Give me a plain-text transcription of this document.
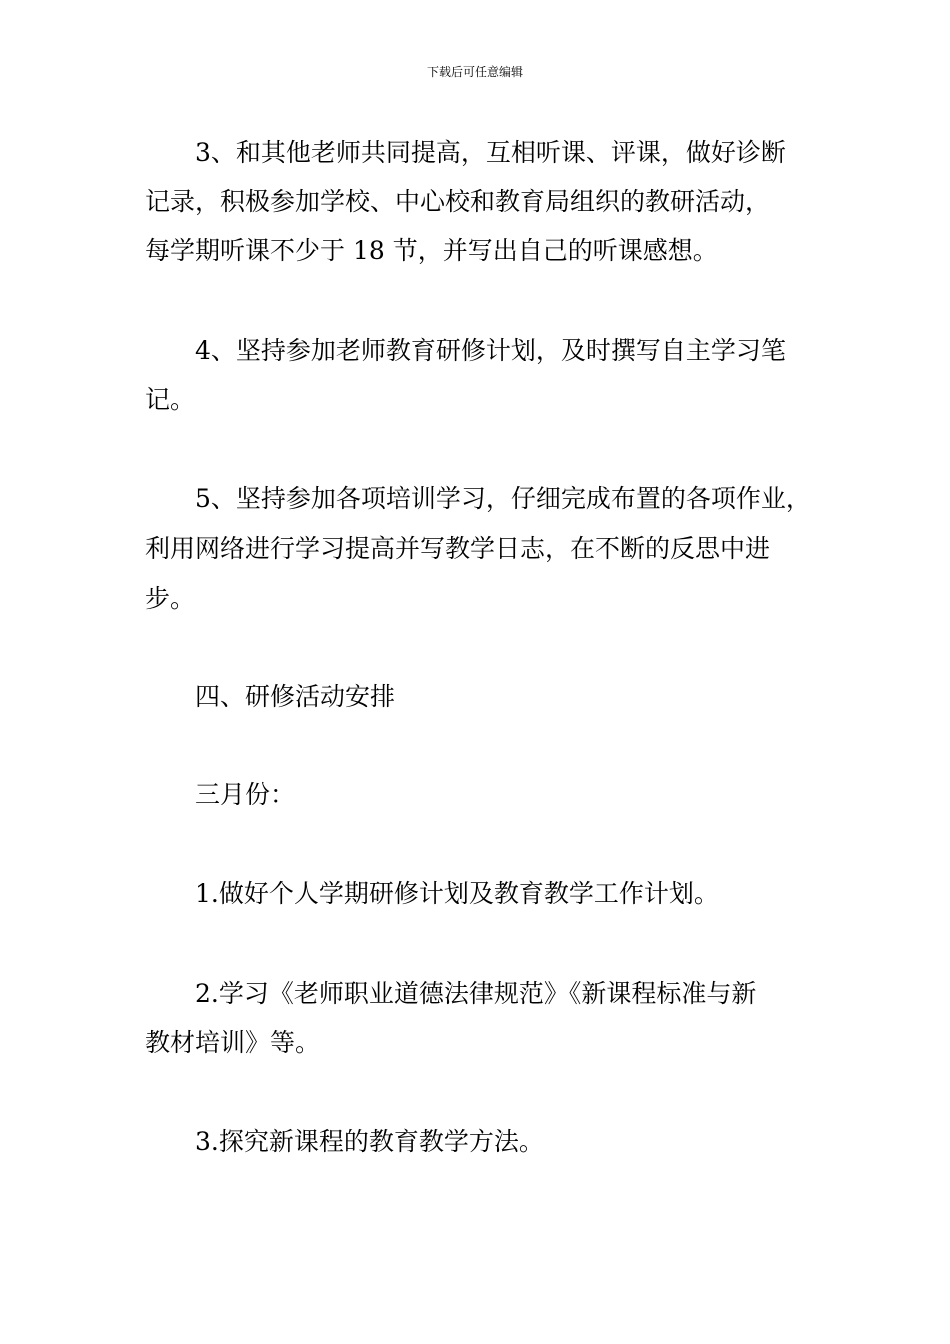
下载后可任意编辑
3、和其他老师共同提高，互相听课、评课，做好诊断
记录，积极参加学校、中心校和教育局组织的教研活动，
每学期听课不少于 18 节，并写出自己的听课感想。
4、坚持参加老师教育研修计划，及时撰写自主学习笔
记。
5、坚持参加各项培训学习，仔细完成布置的各项作业，
利用网络进行学习提高并写教学日志，在不断的反思中进
步。
四、研修活动安排
三月份：
1.做好个人学期研修计划及教育教学工作计划。
2.学习《老师职业道德法律规范》《新课程标准与新
教材培训》等。
3.探究新课程的教育教学方法。
